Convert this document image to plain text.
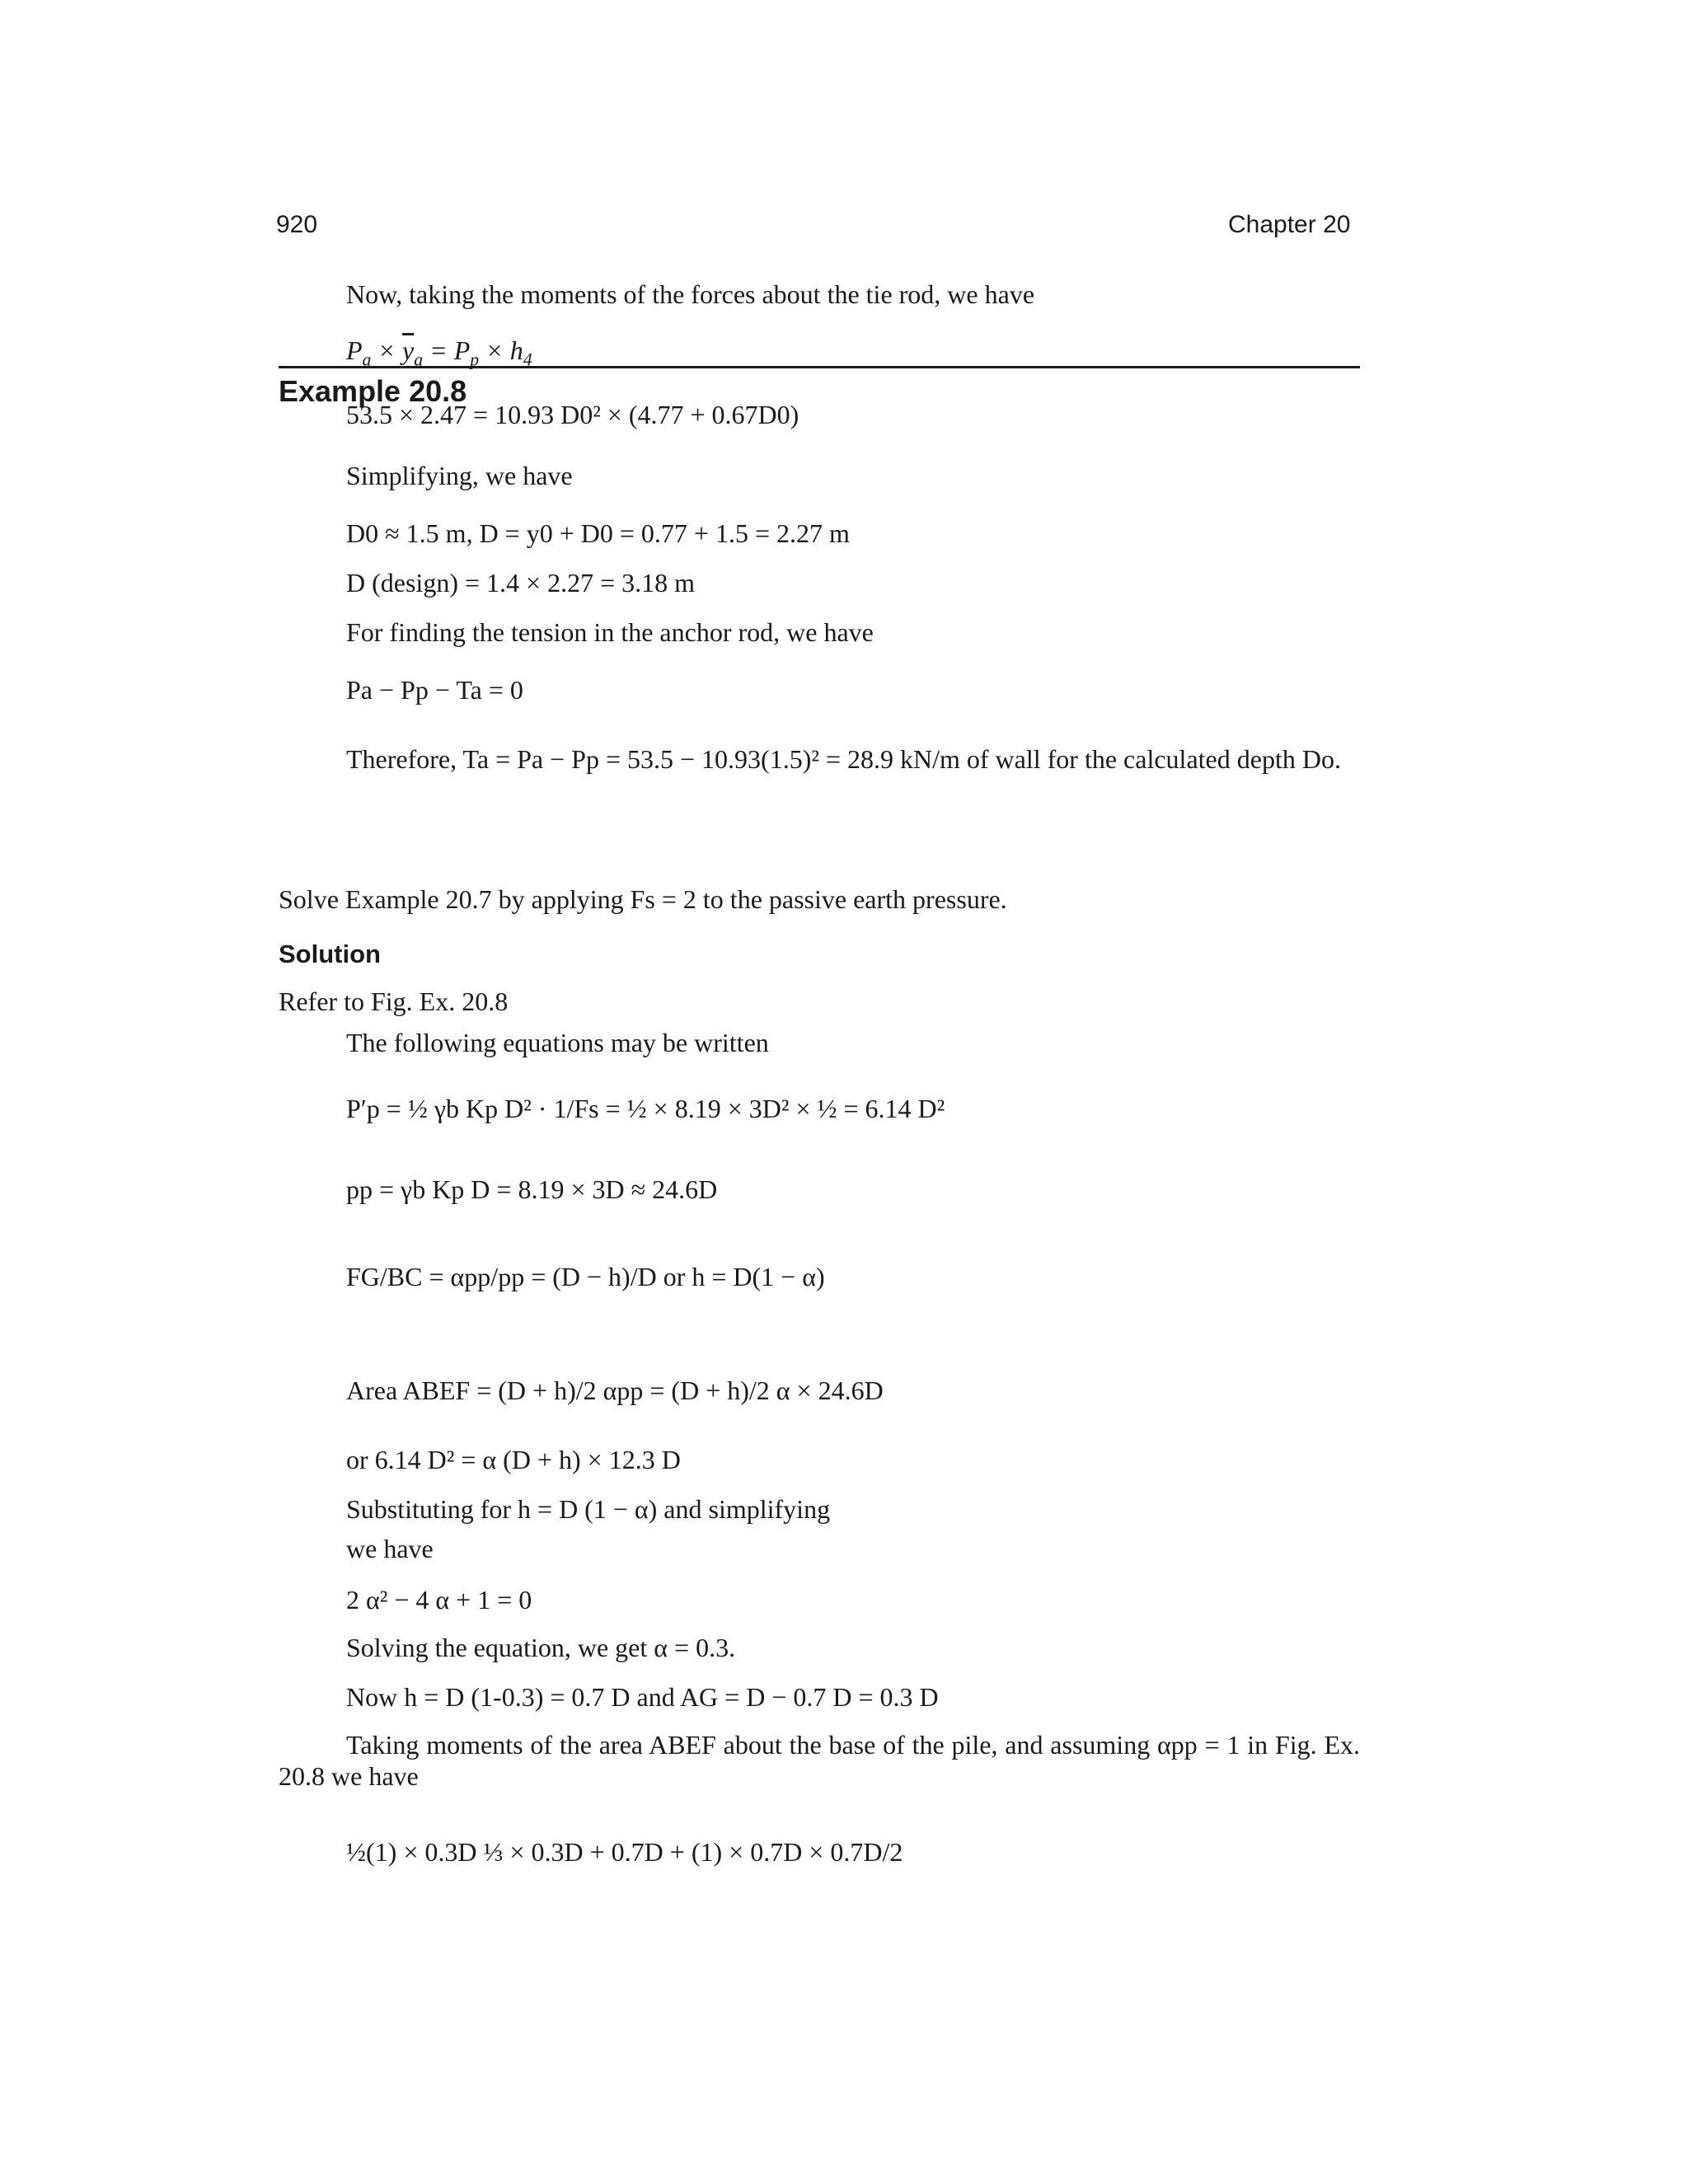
920	Chapter 20
Now, taking the moments of the forces about the tie rod, we have
$P_a \times \overline{y}_a = P_p \times h_4$
53.5 × 2.47 = 10.93 D0² × (4.77 + 0.67D0)
Simplifying, we have
D0 ≈ 1.5 m, D = y0 + D0 = 0.77 + 1.5 = 2.27 m
D (design) = 1.4 × 2.27 = 3.18 m
For finding the tension in the anchor rod, we have
Pa − Pp − Ta = 0
Therefore, Ta = Pa − Pp = 53.5 − 10.93(1.5)² = 28.9 kN/m of wall for the calculated depth Do.
Example 20.8
Solve Example 20.7 by applying Fs = 2 to the passive earth pressure.
Solution
Refer to Fig. Ex. 20.8
The following equations may be written
P′p = ½ γb Kp D² · 1/Fs = ½ × 8.19 × 3D² × ½ = 6.14 D²
pp = γb Kp D = 8.19 × 3D ≈ 24.6D
FG/BC = αpp/pp = (D − h)/D or h = D(1 − α)
Area ABEF = (D + h)/2 αpp = (D + h)/2 α × 24.6D
or 6.14 D² = α (D + h) × 12.3 D
Substituting for h = D (1 − α) and simplifying
we have
2 α² − 4 α + 1 = 0
Solving the equation, we get α = 0.3.
Now h = D (1-0.3) = 0.7 D and AG = D − 0.7 D = 0.3 D
Taking moments of the area ABEF about the base of the pile, and assuming αpp = 1 in Fig. Ex. 20.8 we have
½(1) × 0.3D ⅓ × 0.3D + 0.7D + (1) × 0.7D × 0.7D/2
